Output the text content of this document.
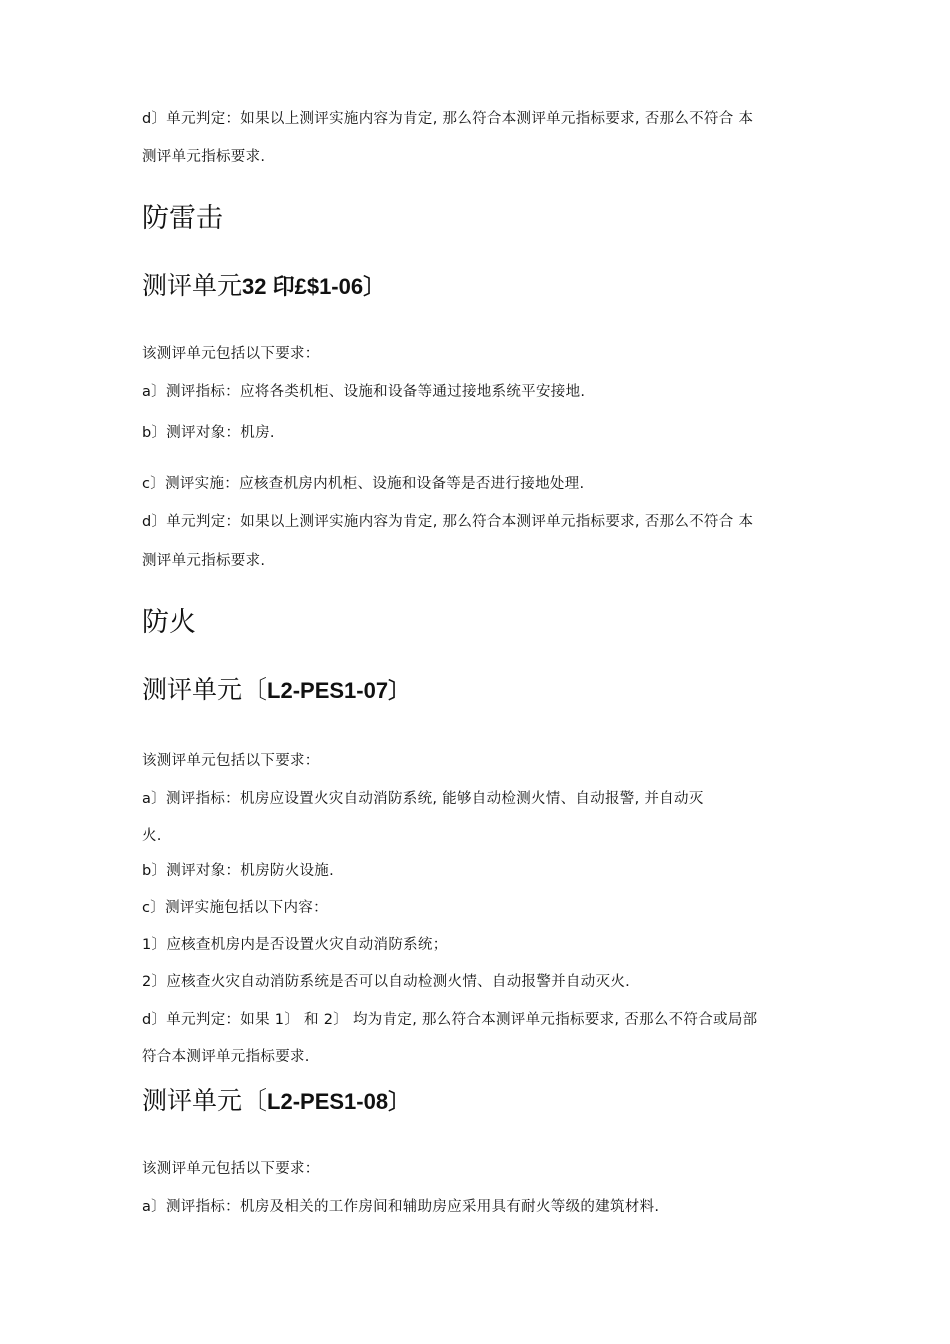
d〕单元判定：如果以上测评实施内容为肯定, 那么符合本测评单元指标要求, 否那么不符合 本
测评单元指标要求.
防雷击
测评单元32 印£$1-06〕
该测评单元包括以下要求：
a〕测评指标：应将各类机柜、设施和设备等通过接地系统平安接地.
b〕测评对象：机房.
c〕测评实施：应核查机房内机柜、设施和设备等是否进行接地处理.
d〕单元判定：如果以上测评实施内容为肯定, 那么符合本测评单元指标要求, 否那么不符合 本
测评单元指标要求.
防火
测评单元〔L2-PES1-07〕
该测评单元包括以下要求：
a〕测评指标：机房应设置火灾自动消防系统, 能够自动检测火情、自动报警, 并自动灭
火.
b〕测评对象：机房防火设施.
c〕测评实施包括以下内容：
1〕应核查机房内是否设置火灾自动消防系统；
2〕应核查火灾自动消防系统是否可以自动检测火情、自动报警并自动灭火.
d〕单元判定：如果 1〕 和 2〕 均为肯定, 那么符合本测评单元指标要求, 否那么不符合或局部
符合本测评单元指标要求.
测评单元〔L2-PES1-08〕
该测评单元包括以下要求：
a〕测评指标：机房及相关的工作房间和辅助房应采用具有耐火等级的建筑材料.
